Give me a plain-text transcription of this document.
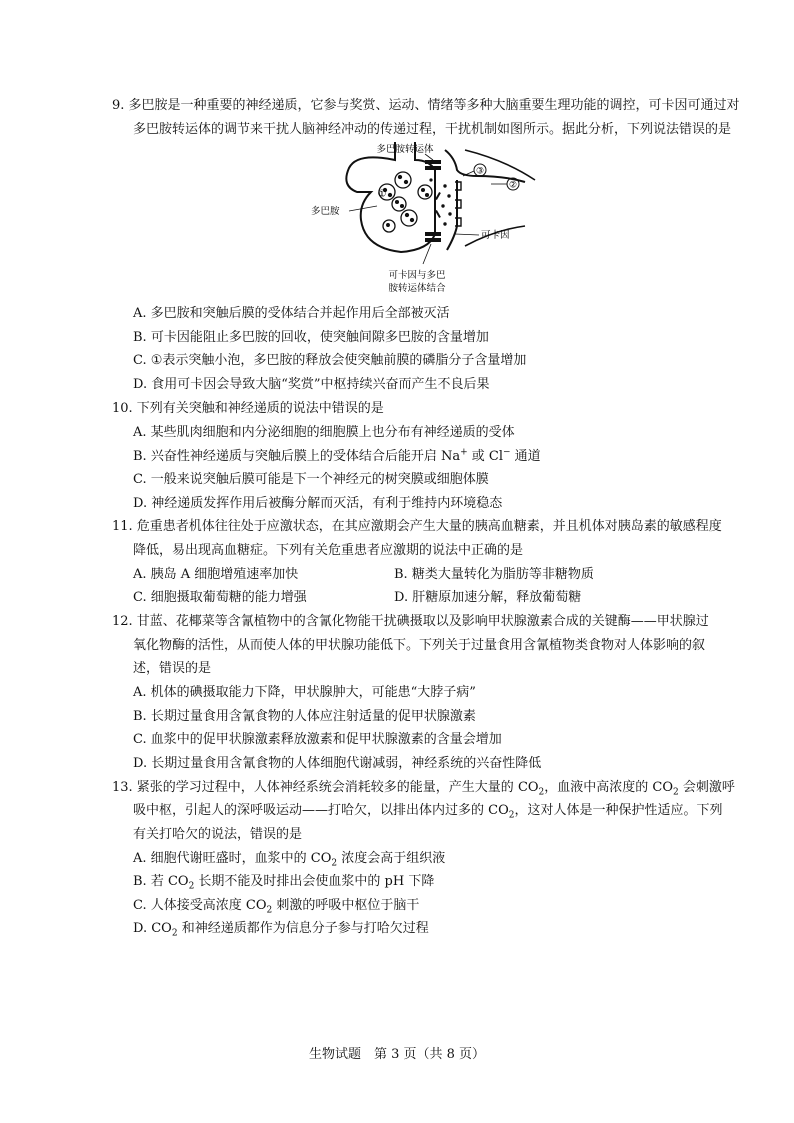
9. 多巴胺是一种重要的神经递质，它参与奖赏、运动、情绪等多种大脑重要生理功能的调控，可卡因可通过对
多巴胺转运体的调节来干扰人脑神经冲动的传递过程，干扰机制如图所示。据此分析，下列说法错误的是
③
②
①
多巴胺转运体
多巴胺
可卡因
可卡因与多巴
胺转运体结合
A. 多巴胺和突触后膜的受体结合并起作用后全部被灭活
B. 可卡因能阻止多巴胺的回收，使突触间隙多巴胺的含量增加
C. ①表示突触小泡，多巴胺的释放会使突触前膜的磷脂分子含量增加
D. 食用可卡因会导致大脑“奖赏”中枢持续兴奋而产生不良后果
10. 下列有关突触和神经递质的说法中错误的是
A. 某些肌肉细胞和内分泌细胞的细胞膜上也分布有神经递质的受体
B. 兴奋性神经递质与突触后膜上的受体结合后能开启 Na+ 或 Cl− 通道
C. 一般来说突触后膜可能是下一个神经元的树突膜或细胞体膜
D. 神经递质发挥作用后被酶分解而灭活，有利于维持内环境稳态
11. 危重患者机体往往处于应激状态，在其应激期会产生大量的胰高血糖素，并且机体对胰岛素的敏感程度
降低，易出现高血糖症。下列有关危重患者应激期的说法中正确的是
A. 胰岛 A 细胞增殖速率加快	B. 糖类大量转化为脂肪等非糖物质
C. 细胞摄取葡萄糖的能力增强	D. 肝糖原加速分解，释放葡萄糖
12. 甘蓝、花椰菜等含氰植物中的含氰化物能干扰碘摄取以及影响甲状腺激素合成的关键酶——甲状腺过
氧化物酶的活性，从而使人体的甲状腺功能低下。下列关于过量食用含氰植物类食物对人体影响的叙
述，错误的是
A. 机体的碘摄取能力下降，甲状腺肿大，可能患“大脖子病”
B. 长期过量食用含氰食物的人体应注射适量的促甲状腺激素
C. 血浆中的促甲状腺激素释放激素和促甲状腺激素的含量会增加
D. 长期过量食用含氰食物的人体细胞代谢减弱，神经系统的兴奋性降低
13. 紧张的学习过程中，人体神经系统会消耗较多的能量，产生大量的 $CO_2$，血液中高浓度的 $CO_2$ 会刺激呼
吸中枢，引起人的深呼吸运动——打哈欠，以排出体内过多的 $CO_2$，这对人体是一种保护性适应。下列
有关打哈欠的说法，错误的是
A. 细胞代谢旺盛时，血浆中的 $CO_2$ 浓度会高于组织液
B. 若 $CO_2$ 长期不能及时排出会使血浆中的 pH 下降
C. 人体接受高浓度 $CO_2$ 刺激的呼吸中枢位于脑干
D. $CO_2$ 和神经递质都作为信息分子参与打哈欠过程
生物试题　第 3 页（共 8 页）
